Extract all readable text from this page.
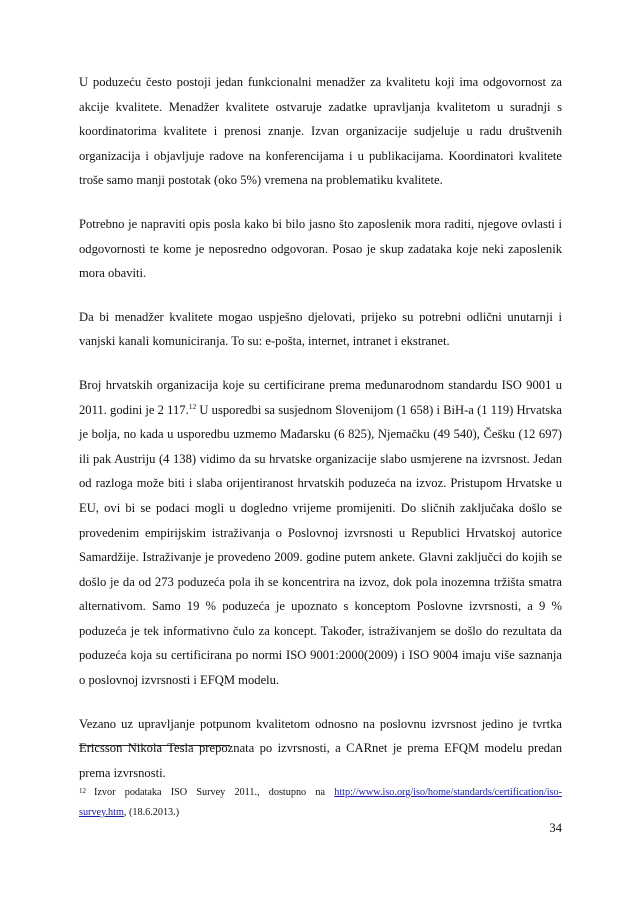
U poduzeću često postoji jedan funkcionalni menadžer za kvalitetu koji ima odgovornost za akcije kvalitete. Menadžer kvalitete ostvaruje zadatke upravljanja kvalitetom u suradnji s koordinatorima kvalitete i prenosi znanje. Izvan organizacije sudjeluje u radu društvenih organizacija i objavljuje radove na konferencijama i u publikacijama. Koordinatori kvalitete troše samo manji postotak (oko 5%) vremena na problematiku kvalitete.

Potrebno je napraviti opis posla kako bi bilo jasno što zaposlenik mora raditi, njegove ovlasti i odgovornosti te kome je neposredno odgovoran. Posao je skup zadataka koje neki zaposlenik mora obaviti.

Da bi menadžer kvalitete mogao uspješno djelovati, prijeko su potrebni odlični unutarnji i vanjski kanali komuniciranja. To su: e-pošta, internet, intranet i ekstranet.

Broj hrvatskih organizacija koje su certificirane prema međunarodnom standardu ISO 9001 u 2011. godini je 2 117.12 U usporedbi sa susjednom Slovenijom (1 658) i BiH-a (1 119) Hrvatska je bolja, no kada u usporedbu uzmemo Mađarsku (6 825), Njemačku (49 540), Češku (12 697) ili pak Austriju (4 138) vidimo da su hrvatske organizacije slabo usmjerene na izvrsnost. Jedan od razloga može biti i slaba orijentiranost hrvatskih poduzeća na izvoz. Pristupom Hrvatske u EU, ovi bi se podaci mogli u dogledno vrijeme promijeniti. Do sličnih zaključaka došlo se provedenim empirijskim istraživanja o Poslovnoj izvrsnosti u Republici Hrvatskoj autorice Samardžije. Istraživanje je provedeno 2009. godine putem ankete. Glavni zaključci do kojih se došlo je da od 273 poduzeća pola ih se koncentrira na izvoz, dok pola inozemna tržišta smatra alternativom. Samo 19 % poduzeća je upoznato s konceptom Poslovne izvrsnosti, a 9 % poduzeća je tek informativno čulo za koncept. Također, istraživanjem se došlo do rezultata da poduzeća koja su certificirana po normi ISO 9001:2000(2009) i ISO 9004 imaju više saznanja o poslovnoj izvrsnosti i EFQM modelu.

Vezano uz upravljanje potpunom kvalitetom odnosno na poslovnu izvrsnost jedino je tvrtka Ericsson Nikola Tesla prepoznata po izvrsnosti, a CARnet je prema EFQM modelu predan prema izvrsnosti.

$^{12}$ Izvor podataka ISO Survey 2011., dostupno na http://www.iso.org/iso/home/standards/certification/iso-survey.htm, (18.6.2013.)
34
